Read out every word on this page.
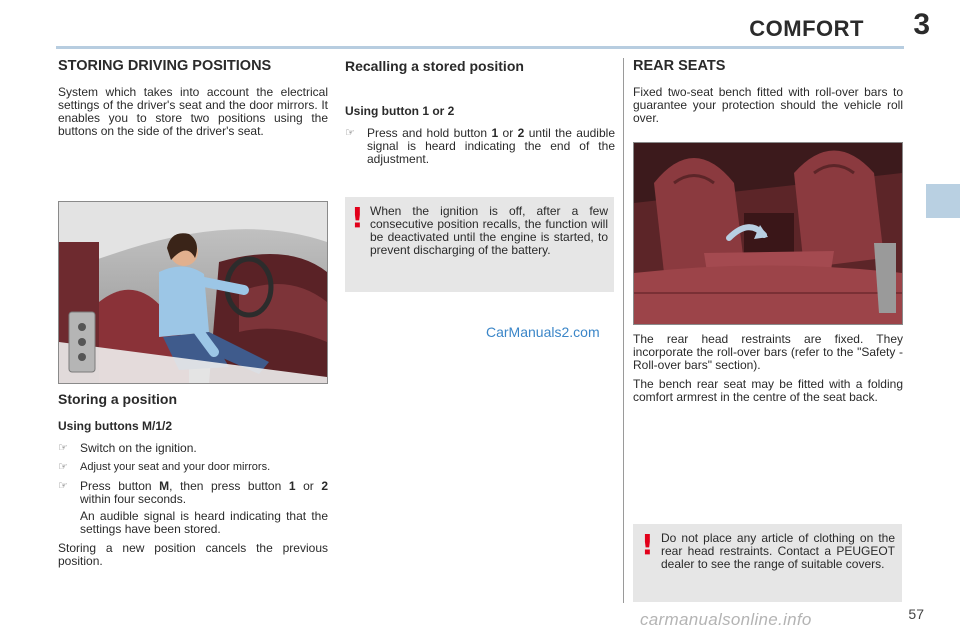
COMFORT 3
STORING DRIVING POSITIONS

System which takes into account the electrical settings of the driver's seat and the door mirrors. It enables you to store two positions using the buttons on the side of the driver's seat.

Storing a position
Using buttons M/1/2
☞	Switch on the ignition.
☞	Adjust your seat and your door mirrors.
☞	Press button M, then press button 1 or 2 within four seconds.

An audible signal is heard indicating that the settings have been stored.

Storing a new position cancels the previous position.

Recalling a stored position
Using button 1 or 2
☞	Press and hold button 1 or 2 until the audible signal is heard indicating the end of the adjustment.
! When the ignition is off, after a few consecutive position recalls, the function will be deactivated until the engine is started, to prevent discharging of the battery.
CarManuals2.com
REAR SEATS

Fixed two-seat bench fitted with roll-over bars to guarantee your protection should the vehicle roll over.

The rear head restraints are fixed. They incorporate the roll-over bars (refer to the "Safety - Roll-over bars" section).

The bench rear seat may be fitted with a folding comfort armrest in the centre of the seat back.

! Do not place any article of clothing on the rear head restraints. Contact a PEUGEOT dealer to see the range of suitable covers.
57
carmanualsonline.info
